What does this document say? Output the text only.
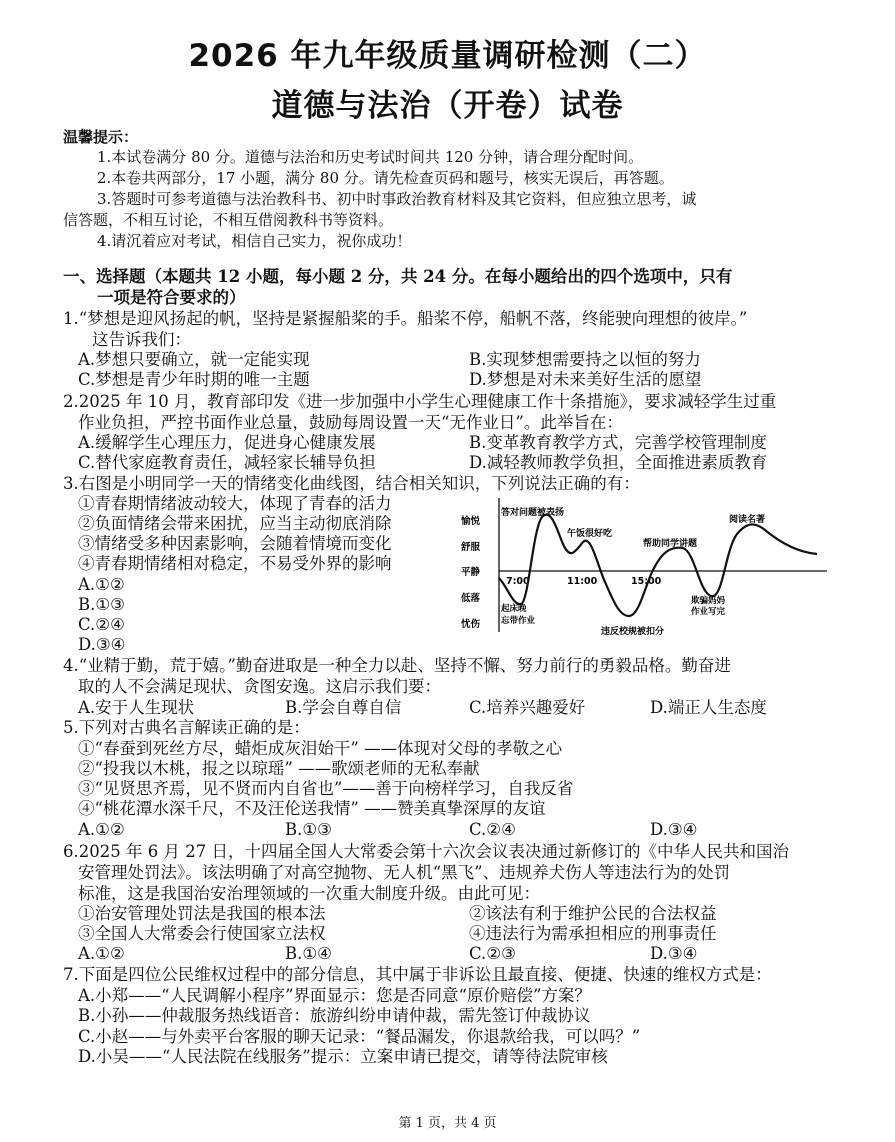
2026 年九年级质量调研检测（二）
道德与法治（开卷）试卷
温馨提示：
1.本试卷满分 80 分。道德与法治和历史考试时间共 120 分钟，请合理分配时间。
2.本卷共两部分，17 小题，满分 80 分。请先检查页码和题号，核实无误后，再答题。
3.答题时可参考道德与法治教科书、初中时事政治教育材料及其它资料，但应独立思考，诚
信答题，不相互讨论，不相互借阅教科书等资料。
4.请沉着应对考试，相信自己实力，祝你成功！
一、选择题（本题共 12 小题，每小题 2 分，共 24 分。在每小题给出的四个选项中，只有
一项是符合要求的）
1.“梦想是迎风扬起的帆，坚持是紧握船桨的手。船桨不停，船帆不落，终能驶向理想的彼岸。”
这告诉我们：
A.梦想只要确立，就一定能实现	B.实现梦想需要持之以恒的努力
C.梦想是青少年时期的唯一主题	D.梦想是对未来美好生活的愿望
2.2025 年 10 月，教育部印发《进一步加强中小学生心理健康工作十条措施》，要求减轻学生过重
作业负担，严控书面作业总量，鼓励每周设置一天“无作业日”。此举旨在：
A.缓解学生心理压力，促进身心健康发展	B.变革教育教学方式，完善学校管理制度
C.替代家庭教育责任，减轻家长辅导负担	D.减轻教师教学负担，全面推进素质教育
3.右图是小明同学一天的情绪变化曲线图，结合相关知识，下列说法正确的有：
①青春期情绪波动较大，体现了青春的活力
②负面情绪会带来困扰，应当主动彻底消除
③情绪受多种因素影响，会随着情境而变化
④青春期情绪相对稳定，不易受外界的影响
A.①②
B.①③
C.②④
D.③④
愉悦
舒服
平静
低落
忧伤
7:00	11:00	15:00
答对问题被表扬
午饭很好吃
帮助同学讲题
阅读名著
起床晚
忘带作业
违反校规被扣分
欺骗妈妈
作业写完
4.“业精于勤，荒于嬉。”勤奋进取是一种全力以赴、坚持不懈、努力前行的勇毅品格。勤奋进
取的人不会满足现状、贪图安逸。这启示我们要：
A.安于人生现状	B.学会自尊自信	C.培养兴趣爱好	D.端正人生态度
5.下列对古典名言解读正确的是：
①“春蚕到死丝方尽，蜡炬成灰泪始干” ——体现对父母的孝敬之心
②“投我以木桃，报之以琼瑶” ——歌颂老师的无私奉献
③“见贤思齐焉，见不贤而内自省也”——善于向榜样学习，自我反省
④“桃花潭水深千尺，不及汪伦送我情” ——赞美真挚深厚的友谊
A.①②	B.①③	C.②④	D.③④
6.2025 年 6 月 27 日，十四届全国人大常委会第十六次会议表决通过新修订的《中华人民共和国治
安管理处罚法》。该法明确了对高空抛物、无人机“黑飞”、违规养犬伤人等违法行为的处罚
标准，这是我国治安治理领域的一次重大制度升级。由此可见：
①治安管理处罚法是我国的根本法	②该法有利于维护公民的合法权益
③全国人大常委会行使国家立法权	④违法行为需承担相应的刑事责任
A.①②	B.①④	C.②③	D.③④
7.下面是四位公民维权过程中的部分信息，其中属于非诉讼且最直接、便捷、快速的维权方式是：
A.小郑——“人民调解小程序”界面显示：您是否同意“原价赔偿”方案？
B.小孙——仲裁服务热线语音：旅游纠纷申请仲裁，需先签订仲裁协议
C.小赵——与外卖平台客服的聊天记录：“餐品漏发，你退款给我，可以吗？”
D.小吴——“人民法院在线服务”提示：立案申请已提交，请等待法院审核
第 1 页，共 4 页
